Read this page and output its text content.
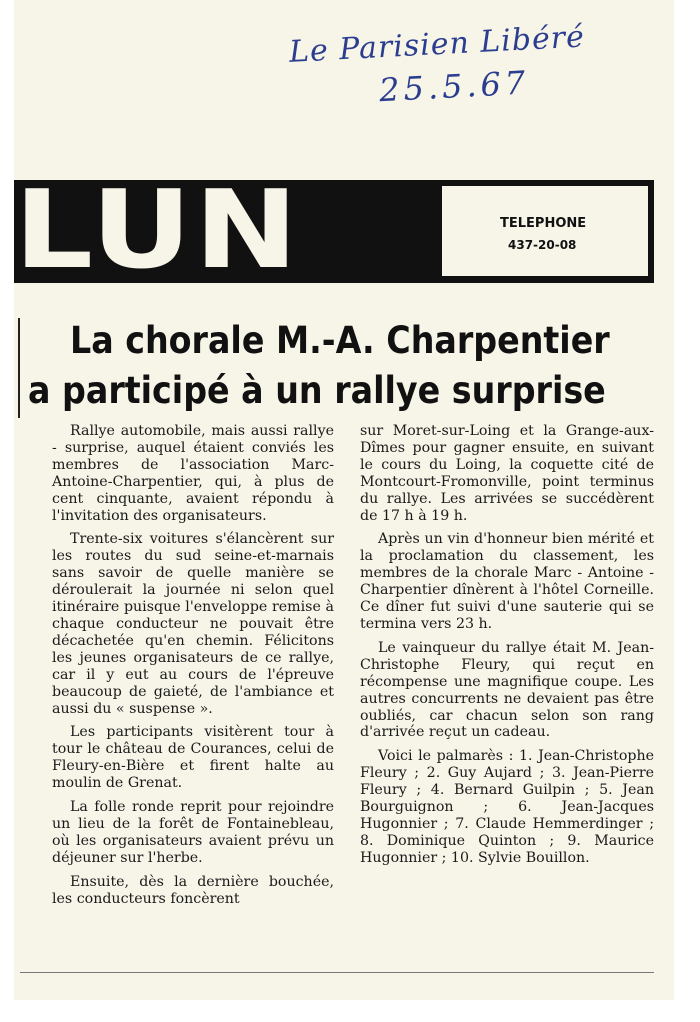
Le Parisien Libéré
25.5.67
LUN	TELEPHONE
437-20-08
La chorale M.-A. Charpentier
a participé à un rallye surprise

Rallye automobile, mais aussi rallye - surprise, auquel étaient conviés les membres de l'association Marc-Antoine-Charpentier, qui, à plus de cent cinquante, avaient répondu à l'invitation des organisateurs.

Trente-six voitures s'élancèrent sur les routes du sud seine-et-marnais sans savoir de quelle manière se déroulerait la journée ni selon quel itinéraire puisque l'enveloppe remise à chaque conducteur ne pouvait être décachetée qu'en chemin. Félicitons les jeunes organisateurs de ce rallye, car il y eut au cours de l'épreuve beaucoup de gaieté, de l'ambiance et aussi du « suspense ».

Les participants visitèrent tour à tour le château de Courances, celui de Fleury-en-Bière et firent halte au moulin de Grenat.

La folle ronde reprit pour rejoindre un lieu de la forêt de Fontainebleau, où les organisateurs avaient prévu un déjeuner sur l'herbe.

Ensuite, dès la dernière bouchée, les conducteurs foncèrent

sur Moret-sur-Loing et la Grange-aux-Dîmes pour gagner ensuite, en suivant le cours du Loing, la coquette cité de Montcourt-Fromonville, point terminus du rallye. Les arrivées se succédèrent de 17 h à 19 h.

Après un vin d'honneur bien mérité et la proclamation du classement, les membres de la chorale Marc - Antoine - Charpentier dînèrent à l'hôtel Corneille. Ce dîner fut suivi d'une sauterie qui se termina vers 23 h.

Le vainqueur du rallye était M. Jean-Christophe Fleury, qui reçut en récompense une magnifique coupe. Les autres concurrents ne devaient pas être oubliés, car chacun selon son rang d'arrivée reçut un cadeau.

Voici le palmarès : 1. Jean-Christophe Fleury ; 2. Guy Aujard ; 3. Jean-Pierre Fleury ; 4. Bernard Guilpin ; 5. Jean Bourguignon ; 6. Jean-Jacques Hugonnier ; 7. Claude Hemmerdinger ; 8. Dominique Quinton ; 9. Maurice Hugonnier ; 10. Sylvie Bouillon.
